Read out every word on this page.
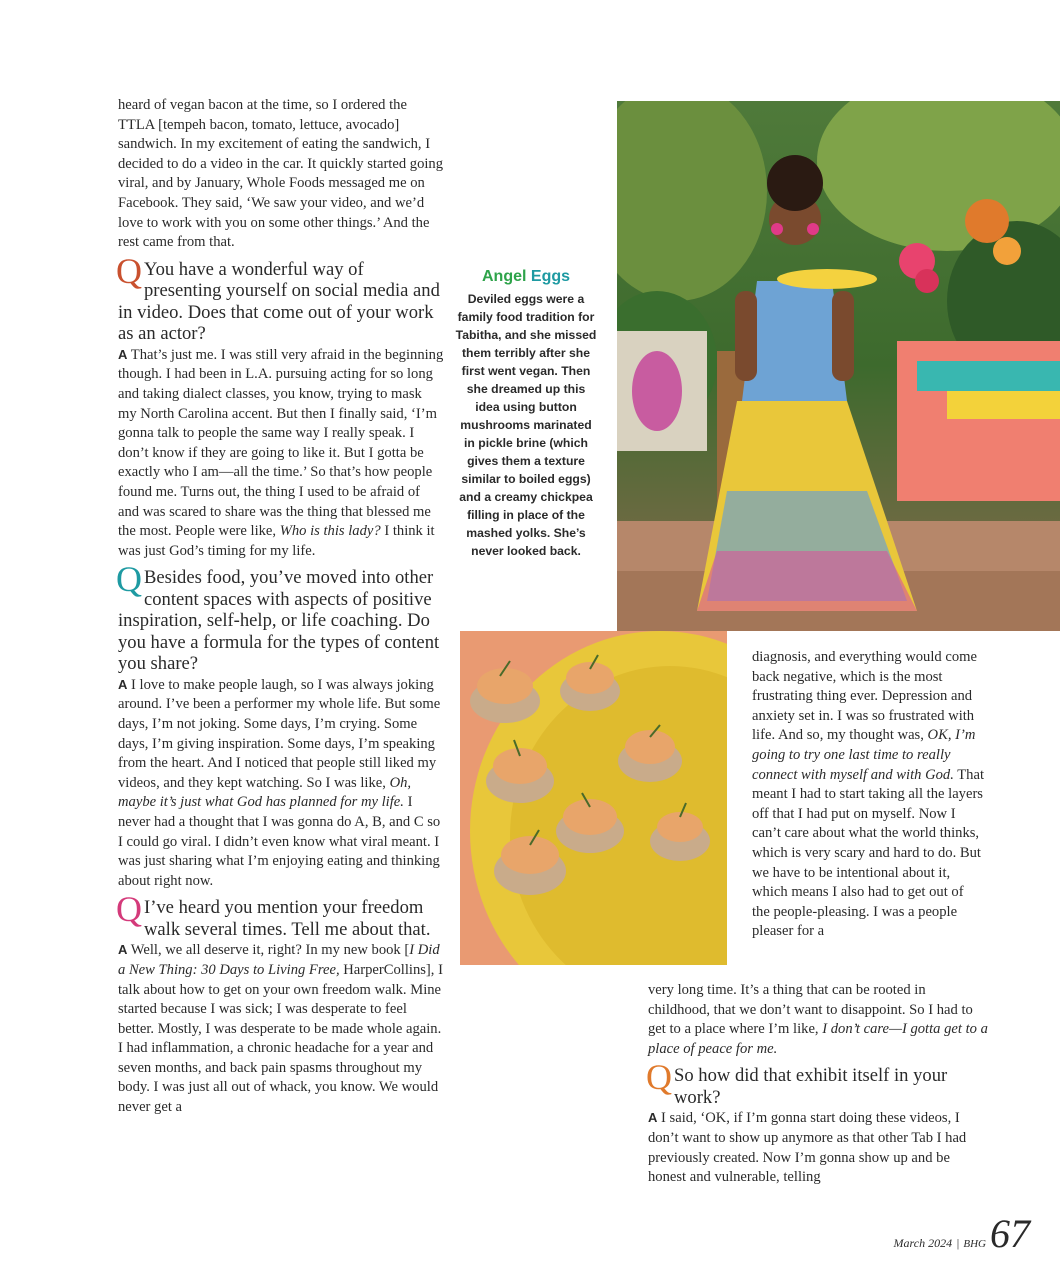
heard of vegan bacon at the time, so I ordered the TTLA [tempeh bacon, tomato, lettuce, avocado] sandwich. In my excitement of eating the sandwich, I decided to do a video in the car. It quickly started going viral, and by January, Whole Foods messaged me on Facebook. They said, ‘We saw your video, and we’d love to work with you on some other things.’ And the rest came from that.

Q You have a wonderful way of presenting yourself on social media and in video. Does that come out of your work as an actor?

A That’s just me. I was still very afraid in the beginning though. I had been in L.A. pursuing acting for so long and taking dialect classes, you know, trying to mask my North Carolina accent. But then I finally said, ‘I’m gonna talk to people the same way I really speak. I don’t know if they are going to like it. But I gotta be exactly who I am—all the time.’ So that’s how people found me. Turns out, the thing I used to be afraid of and was scared to share was the thing that blessed me the most. People were like, Who is this lady? I think it was just God’s timing for my life.

Q Besides food, you’ve moved into other content spaces with aspects of positive inspiration, self-help, or life coaching. Do you have a formula for the types of content you share?

A I love to make people laugh, so I was always joking around. I’ve been a performer my whole life. But some days, I’m not joking. Some days, I’m crying. Some days, I’m giving inspiration. Some days, I’m speaking from the heart. And I noticed that people still liked my videos, and they kept watching. So I was like, Oh, maybe it’s just what God has planned for my life. I never had a thought that I was gonna do A, B, and C so I could go viral. I didn’t even know what viral meant. I was just sharing what I’m enjoying eating and thinking about right now.

Q I’ve heard you mention your freedom walk several times. Tell me about that.

A Well, we all deserve it, right? In my new book [I Did a New Thing: 30 Days to Living Free, HarperCollins], I talk about how to get on your own freedom walk. Mine started because I was sick; I was desperate to feel better. Mostly, I was desperate to be made whole again. I had inflammation, a chronic headache for a year and seven months, and back pain spasms throughout my body. I was just all out of whack, you know. We would never get a

Angel Eggs
Deviled eggs were a family food tradition for Tabitha, and she missed them terribly after she first went vegan. Then she dreamed up this idea using button mushrooms marinated in pickle brine (which gives them a texture similar to boiled eggs) and a creamy chickpea filling in place of the mashed yolks. She’s never looked back.

diagnosis, and everything would come back negative, which is the most frustrating thing ever. Depression and anxiety set in. I was so frustrated with life. And so, my thought was, OK, I’m going to try one last time to really connect with myself and with God. That meant I had to start taking all the layers off that I had put on myself. Now I can’t care about what the world thinks, which is very scary and hard to do. But we have to be intentional about it, which means I also had to get out of the people-pleasing. I was a people pleaser for a

very long time. It’s a thing that can be rooted in childhood, that we don’t want to disappoint. So I had to get to a place where I’m like, I don’t care—I gotta get to a place of peace for me.

Q So how did that exhibit itself in your work?

A I said, ‘OK, if I’m gonna start doing these videos, I don’t want to show up anymore as that other Tab I had previously created. Now I’m gonna show up and be honest and vulnerable, telling

March 2024 | BHG 67
